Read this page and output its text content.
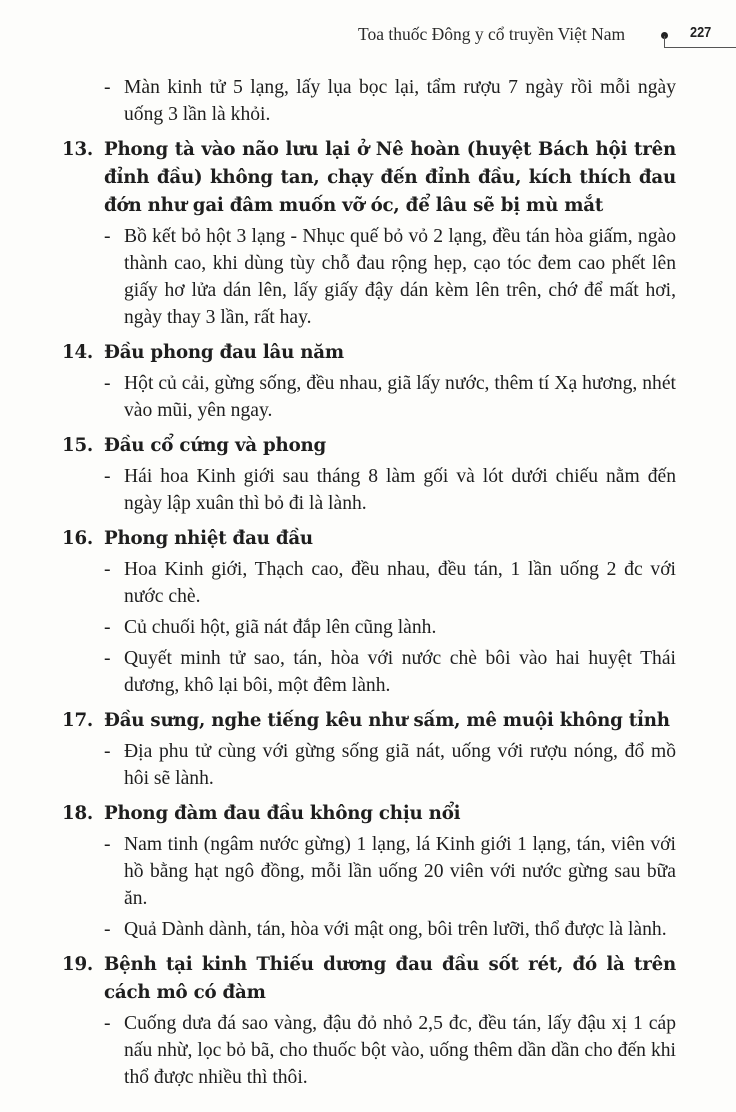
Toa thuốc Đông y cổ truyền Việt Nam	227
- Màn kinh tử 5 lạng, lấy lụa bọc lại, tẩm rượu 7 ngày rồi mỗi ngày uống 3 lần là khỏi.
13. Phong tà vào não lưu lại ở Nê hoàn (huyệt Bách hội trên đỉnh đầu) không tan, chạy đến đỉnh đầu, kích thích đau đớn như gai đâm muốn vỡ óc, để lâu sẽ bị mù mắt
- Bồ kết bỏ hột 3 lạng - Nhục quế bỏ vỏ 2 lạng, đều tán hòa giấm, ngào thành cao, khi dùng tùy chỗ đau rộng hẹp, cạo tóc đem cao phết lên giấy hơ lửa dán lên, lấy giấy đậy dán kèm lên trên, chớ để mất hơi, ngày thay 3 lần, rất hay.
14. Đầu phong đau lâu năm
- Hột củ cải, gừng sống, đều nhau, giã lấy nước, thêm tí Xạ hương, nhét vào mũi, yên ngay.
15. Đầu cổ cứng và phong
- Hái hoa Kinh giới sau tháng 8 làm gối và lót dưới chiếu nằm đến ngày lập xuân thì bỏ đi là lành.
16. Phong nhiệt đau đầu
- Hoa Kinh giới, Thạch cao, đều nhau, đều tán, 1 lần uống 2 đc với nước chè.
- Củ chuối hột, giã nát đắp lên cũng lành.
- Quyết minh tử sao, tán, hòa với nước chè bôi vào hai huyệt Thái dương, khô lại bôi, một đêm lành.
17. Đầu sưng, nghe tiếng kêu như sấm, mê muội không tỉnh
- Địa phu tử cùng với gừng sống giã nát, uống với rượu nóng, đổ mồ hôi sẽ lành.
18. Phong đàm đau đầu không chịu nổi
- Nam tinh (ngâm nước gừng) 1 lạng, lá Kinh giới 1 lạng, tán, viên với hồ bằng hạt ngô đồng, mỗi lần uống 20 viên với nước gừng sau bữa ăn.
- Quả Dành dành, tán, hòa với mật ong, bôi trên lưỡi, thổ được là lành.
19. Bệnh tại kinh Thiếu dương đau đầu sốt rét, đó là trên cách mô có đàm
- Cuống dưa đá sao vàng, đậu đỏ nhỏ 2,5 đc, đều tán, lấy đậu xị 1 cáp nấu nhừ, lọc bỏ bã, cho thuốc bột vào, uống thêm dần dần cho đến khi thổ được nhiều thì thôi.
